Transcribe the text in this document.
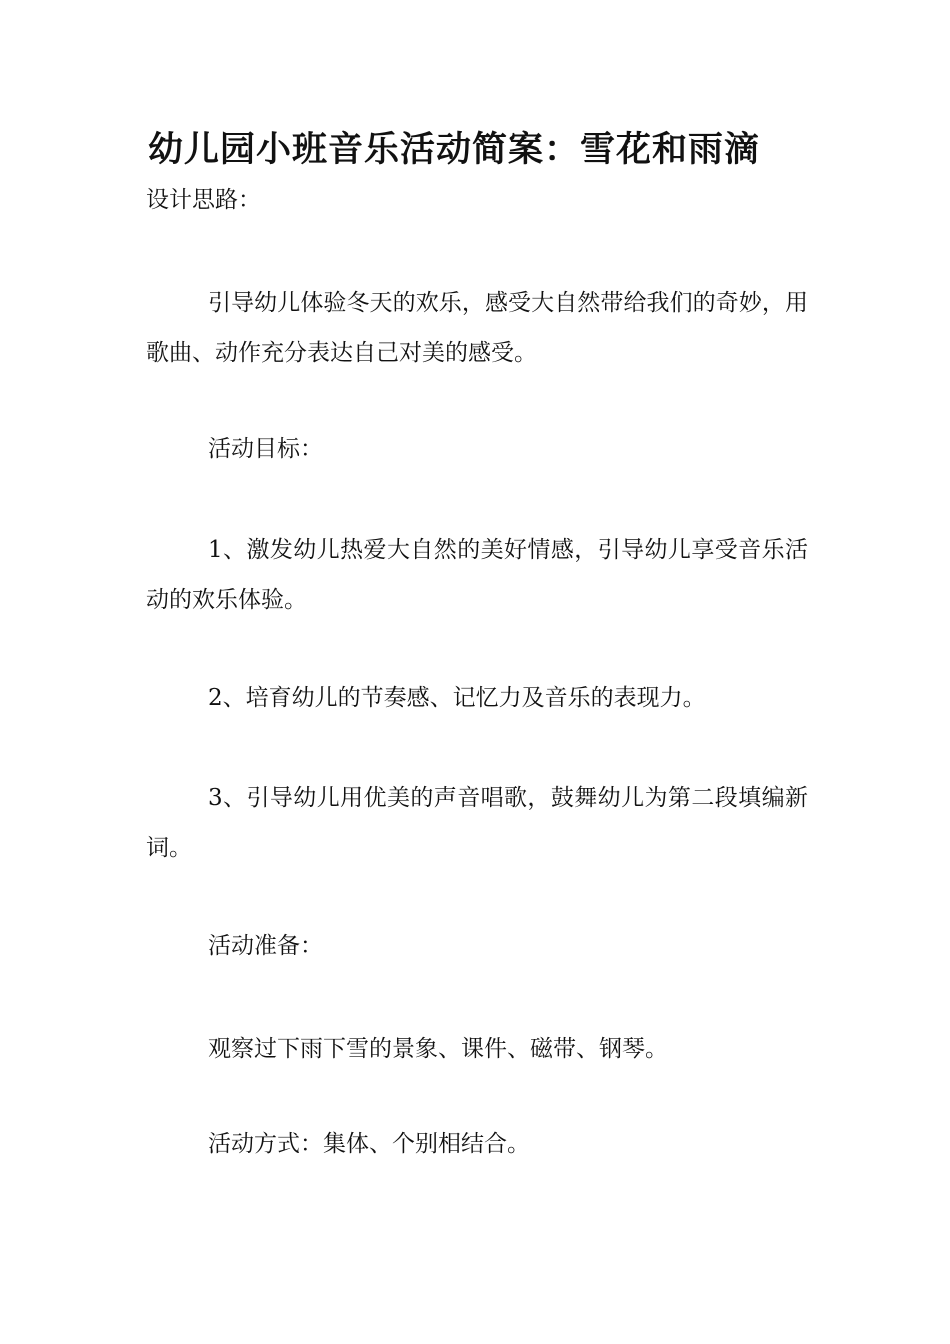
幼儿园小班音乐活动简案：雪花和雨滴
设计思路：
引导幼儿体验冬天的欢乐，感受大自然带给我们的奇妙，用歌曲、动作充分表达自己对美的感受。
活动目标：
1、激发幼儿热爱大自然的美好情感，引导幼儿享受音乐活动的欢乐体验。
2、培育幼儿的节奏感、记忆力及音乐的表现力。
3、引导幼儿用优美的声音唱歌，鼓舞幼儿为第二段填编新词。
活动准备：
观察过下雨下雪的景象、课件、磁带、钢琴。
活动方式：集体、个别相结合。
